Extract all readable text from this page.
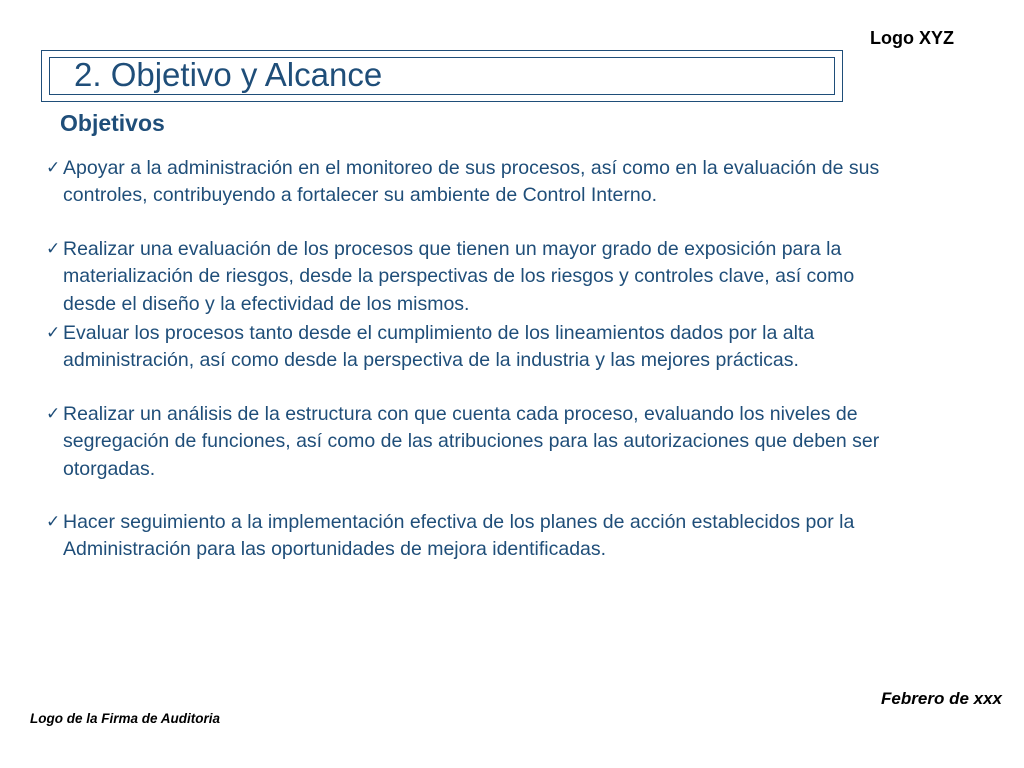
Logo XYZ
2. Objetivo y Alcance
Objetivos
✓ Apoyar a la administración en el monitoreo de sus procesos, así como en la evaluación de sus controles, contribuyendo a fortalecer su ambiente de Control Interno.
✓ Realizar una evaluación de los procesos que tienen un mayor grado de exposición para la materialización de riesgos, desde la perspectivas de los riesgos y controles clave, así como desde el diseño y la efectividad de los mismos.
✓ Evaluar los procesos tanto desde el cumplimiento de los lineamientos dados por la alta administración, así como desde la perspectiva de la industria y las mejores prácticas.
✓ Realizar un análisis de la estructura con que cuenta cada proceso, evaluando los niveles de segregación de funciones, así como de las atribuciones para las autorizaciones que deben ser otorgadas.
✓ Hacer seguimiento a la implementación efectiva de los planes de acción establecidos por la Administración para las oportunidades de mejora identificadas.
Febrero de xxx
Logo de la Firma de Auditoria
